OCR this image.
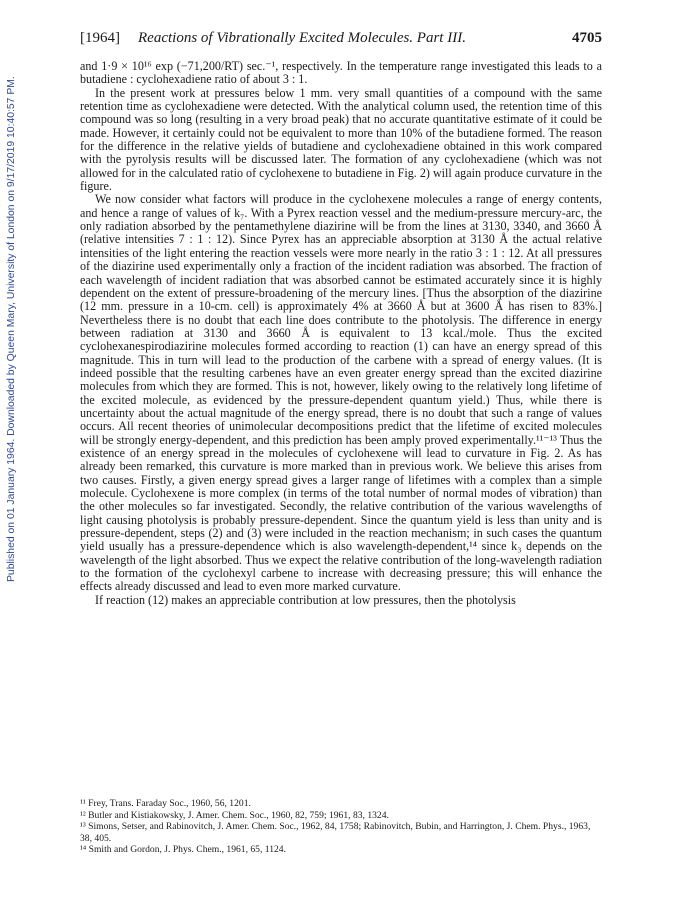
Published on 01 January 1964. Downloaded by Queen Mary, University of London on 9/17/2019 10:40:57 PM.
[1964] Reactions of Vibrationally Excited Molecules. Part III.	4705

and 1·9 × 10¹⁶ exp (−71,200/RT) sec.⁻¹, respectively. In the temperature range investigated this leads to a butadiene : cyclohexadiene ratio of about 3 : 1.

In the present work at pressures below 1 mm. very small quantities of a compound with the same retention time as cyclohexadiene were detected. With the analytical column used, the retention time of this compound was so long (resulting in a very broad peak) that no accurate quantitative estimate of it could be made. However, it certainly could not be equivalent to more than 10% of the butadiene formed. The reason for the difference in the relative yields of butadiene and cyclohexadiene obtained in this work compared with the pyrolysis results will be discussed later. The formation of any cyclohexadiene (which was not allowed for in the calculated ratio of cyclohexene to butadiene in Fig. 2) will again produce curvature in the figure.

We now consider what factors will produce in the cyclohexene molecules a range of energy contents, and hence a range of values of k₇. With a Pyrex reaction vessel and the medium-pressure mercury-arc, the only radiation absorbed by the pentamethylene diazirine will be from the lines at 3130, 3340, and 3660 Å (relative intensities 7 : 1 : 12). Since Pyrex has an appreciable absorption at 3130 Å the actual relative intensities of the light entering the reaction vessels were more nearly in the ratio 3 : 1 : 12. At all pressures of the diazirine used experimentally only a fraction of the incident radiation was absorbed. The fraction of each wavelength of incident radiation that was absorbed cannot be estimated accurately since it is highly dependent on the extent of pressure-broadening of the mercury lines. [Thus the absorption of the diazirine (12 mm. pressure in a 10-cm. cell) is approximately 4% at 3660 Å but at 3600 Å has risen to 83%.] Nevertheless there is no doubt that each line does contribute to the photolysis. The difference in energy between radiation at 3130 and 3660 Å is equivalent to 13 kcal./mole. Thus the excited cyclohexanespirodiazirine molecules formed according to reaction (1) can have an energy spread of this magnitude. This in turn will lead to the production of the carbene with a spread of energy values. (It is indeed possible that the resulting carbenes have an even greater energy spread than the excited diazirine molecules from which they are formed. This is not, however, likely owing to the relatively long lifetime of the excited molecule, as evidenced by the pressure-dependent quantum yield.) Thus, while there is uncertainty about the actual magnitude of the energy spread, there is no doubt that such a range of values occurs. All recent theories of unimolecular decompositions predict that the lifetime of excited molecules will be strongly energy-dependent, and this prediction has been amply proved experimentally.¹¹⁻¹³ Thus the existence of an energy spread in the molecules of cyclohexene will lead to curvature in Fig. 2. As has already been remarked, this curvature is more marked than in previous work. We believe this arises from two causes. Firstly, a given energy spread gives a larger range of lifetimes with a complex than a simple molecule. Cyclohexene is more complex (in terms of the total number of normal modes of vibration) than the other molecules so far investigated. Secondly, the relative contribution of the various wavelengths of light causing photolysis is probably pressure-dependent. Since the quantum yield is less than unity and is pressure-dependent, steps (2) and (3) were included in the reaction mechanism; in such cases the quantum yield usually has a pressure-dependence which is also wavelength-dependent,¹⁴ since k₃ depends on the wavelength of the light absorbed. Thus we expect the relative contribution of the long-wavelength radiation to the formation of the cyclohexyl carbene to increase with decreasing pressure; this will enhance the effects already discussed and lead to even more marked curvature.

If reaction (12) makes an appreciable contribution at low pressures, then the photolysis

¹¹ Frey, Trans. Faraday Soc., 1960, 56, 1201.
¹² Butler and Kistiakowsky, J. Amer. Chem. Soc., 1960, 82, 759; 1961, 83, 1324.
¹³ Simons, Setser, and Rabinovitch, J. Amer. Chem. Soc., 1962, 84, 1758; Rabinovitch, Bubin, and Harrington, J. Chem. Phys., 1963, 38, 405.
¹⁴ Smith and Gordon, J. Phys. Chem., 1961, 65, 1124.
